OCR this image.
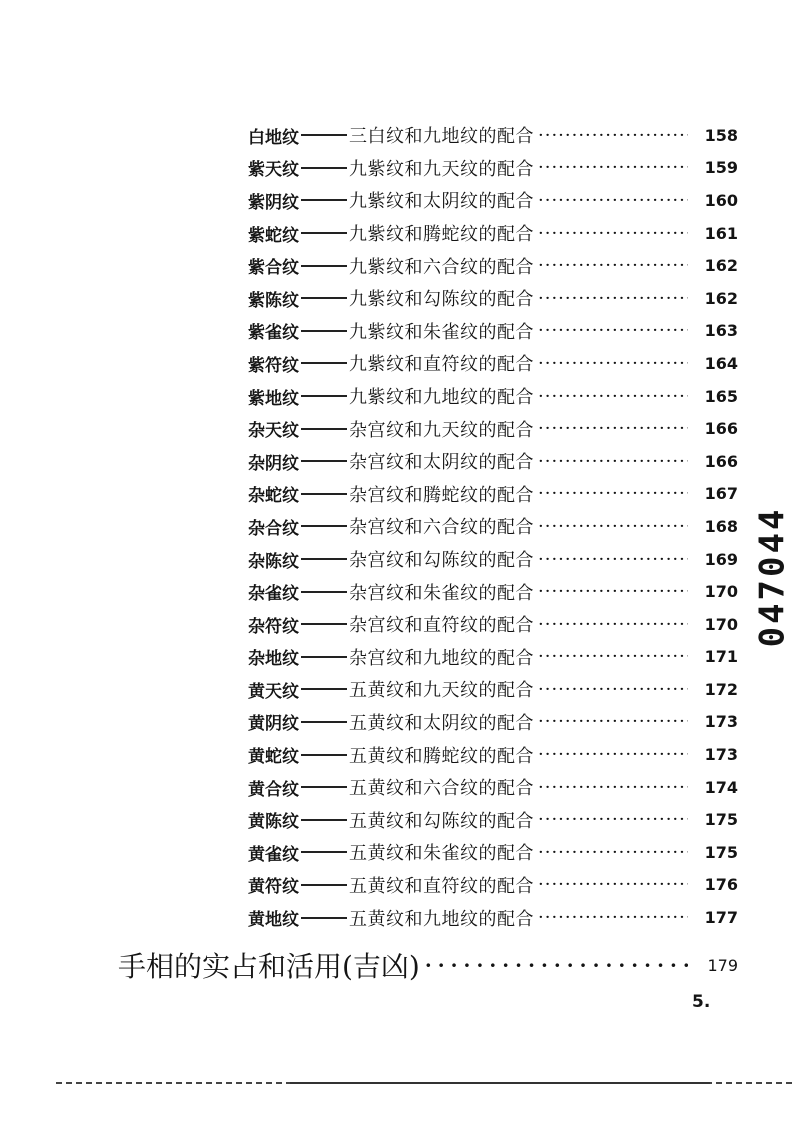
白地纹	三白纹和九地纹的配合 ·····	158
紫天纹	九紫纹和九天纹的配合 ·····	159
紫阴纹	九紫纹和太阴纹的配合 ·····	160
紫蛇纹	九紫纹和腾蛇纹的配合 ·····	161
紫合纹	九紫纹和六合纹的配合 ·····	162
紫陈纹	九紫纹和勾陈纹的配合 ·····	162
紫雀纹	九紫纹和朱雀纹的配合 ·····	163
紫符纹	九紫纹和直符纹的配合 ·····	164
紫地纹	九紫纹和九地纹的配合 ·····	165
杂天纹	杂宫纹和九天纹的配合 ·····	166
杂阴纹	杂宫纹和太阴纹的配合 ·····	166
杂蛇纹	杂宫纹和腾蛇纹的配合 ·····	167
杂合纹	杂宫纹和六合纹的配合 ·····	168
杂陈纹	杂宫纹和勾陈纹的配合 ·····	169
杂雀纹	杂宫纹和朱雀纹的配合 ·····	170
杂符纹	杂宫纹和直符纹的配合 ·····	170
杂地纹	杂宫纹和九地纹的配合 ·····	171
黄天纹	五黄纹和九天纹的配合 ·····	172
黄阴纹	五黄纹和太阴纹的配合 ·····	173
黄蛇纹	五黄纹和腾蛇纹的配合 ·····	173
黄合纹	五黄纹和六合纹的配合 ·····	174
黄陈纹	五黄纹和勾陈纹的配合 ·····	175
黄雀纹	五黄纹和朱雀纹的配合 ·····	175
黄符纹	五黄纹和直符纹的配合 ·····	176
黄地纹	五黄纹和九地纹的配合 ·····	177
手相的实占和活用(吉凶) ·····	179
5.
047044
